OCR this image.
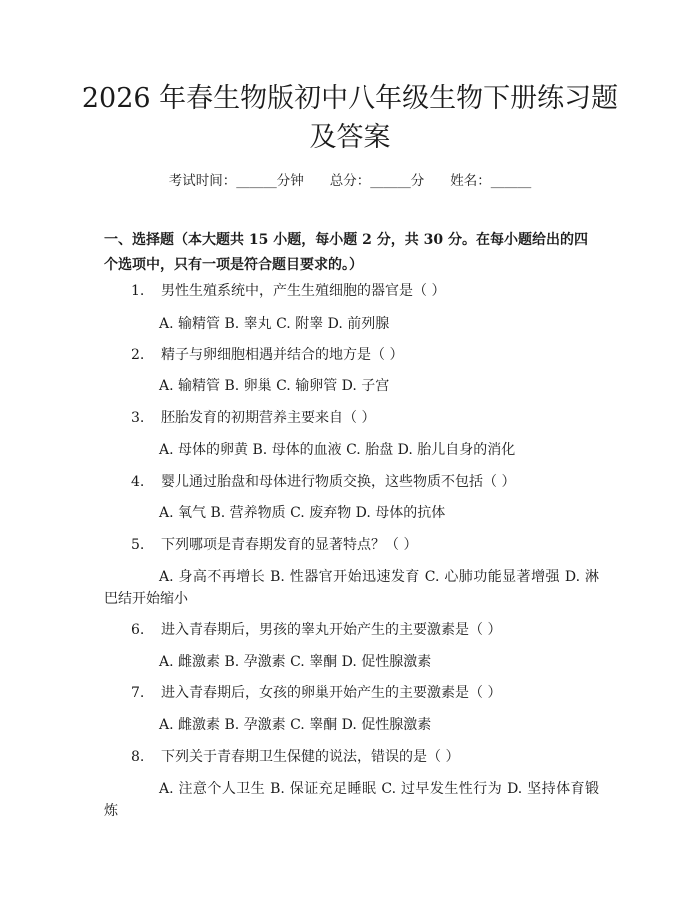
2026 年春生物版初中八年级生物下册练习题
及答案
考试时间：______分钟 总分：______分 姓名：______
一、选择题（本大题共 15 小题，每小题 2 分，共 30 分。在每小题给出的四个选项中，只有一项是符合题目要求的。）
1. 男性生殖系统中，产生生殖细胞的器官是（ ）
A. 输精管 B. 睾丸 C. 附睾 D. 前列腺
2. 精子与卵细胞相遇并结合的地方是（ ）
A. 输精管 B. 卵巢 C. 输卵管 D. 子宫
3. 胚胎发育的初期营养主要来自（ ）
A. 母体的卵黄 B. 母体的血液 C. 胎盘 D. 胎儿自身的消化
4. 婴儿通过胎盘和母体进行物质交换，这些物质不包括（ ）
A. 氧气 B. 营养物质 C. 废弃物 D. 母体的抗体
5. 下列哪项是青春期发育的显著特点？（ ）
A. 身高不再增长 B. 性器官开始迅速发育 C. 心肺功能显著增强 D. 淋巴结开始缩小
6. 进入青春期后，男孩的睾丸开始产生的主要激素是（ ）
A. 雌激素 B. 孕激素 C. 睾酮 D. 促性腺激素
7. 进入青春期后，女孩的卵巢开始产生的主要激素是（ ）
A. 雌激素 B. 孕激素 C. 睾酮 D. 促性腺激素
8. 下列关于青春期卫生保健的说法，错误的是（ ）
A. 注意个人卫生 B. 保证充足睡眠 C. 过早发生性行为 D. 坚持体育锻炼
